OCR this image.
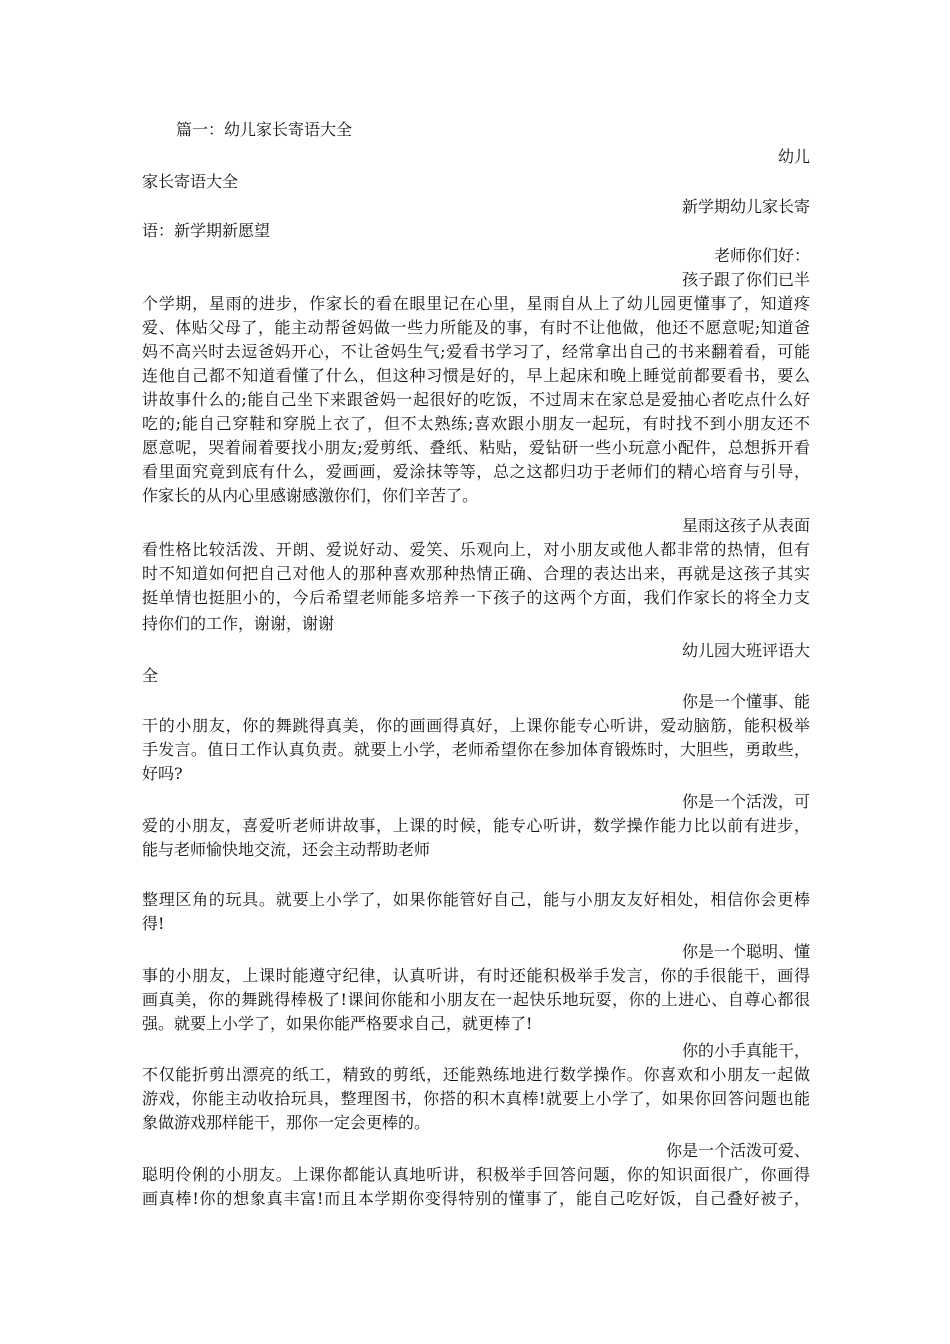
篇一：幼儿家长寄语大全
幼儿
家长寄语大全
新学期幼儿家长寄
语：新学期新愿望
老师你们好：
孩子跟了你们已半
个学期，星雨的进步，作家长的看在眼里记在心里，星雨自从上了幼儿园更懂事了，知道疼
爱、体贴父母了，能主动帮爸妈做一些力所能及的事，有时不让他做，他还不愿意呢;知道爸
妈不高兴时去逗爸妈开心，不让爸妈生气;爱看书学习了，经常拿出自己的书来翻着看，可能
连他自己都不知道看懂了什么，但这种习惯是好的，早上起床和晚上睡觉前都要看书，要么
讲故事什么的;能自己坐下来跟爸妈一起很好的吃饭，不过周末在家总是爱抽心者吃点什么好
吃的;能自己穿鞋和穿脱上衣了，但不太熟练;喜欢跟小朋友一起玩，有时找不到小朋友还不
愿意呢，哭着闹着要找小朋友;爱剪纸、叠纸、粘贴，爱钻研一些小玩意小配件，总想拆开看
看里面究竟到底有什么，爱画画，爱涂抹等等，总之这都归功于老师们的精心培育与引导，
作家长的从内心里感谢感激你们，你们辛苦了。
星雨这孩子从表面
看性格比较活泼、开朗、爱说好动、爱笑、乐观向上，对小朋友或他人都非常的热情，但有
时不知道如何把自己对他人的那种喜欢那种热情正确、合理的表达出来，再就是这孩子其实
挺单情也挺胆小的，今后希望老师能多培养一下孩子的这两个方面，我们作家长的将全力支
持你们的工作，谢谢，谢谢
幼儿园大班评语大
全
你是一个懂事、能
干的小朋友，你的舞跳得真美，你的画画得真好，上课你能专心听讲，爱动脑筋，能积极举
手发言。值日工作认真负责。就要上小学，老师希望你在参加体育锻炼时，大胆些，勇敢些，
好吗?
你是一个活泼，可
爱的小朋友，喜爱听老师讲故事，上课的时候，能专心听讲，数学操作能力比以前有进步，
能与老师愉快地交流，还会主动帮助老师
整理区角的玩具。就要上小学了，如果你能管好自己，能与小朋友友好相处，相信你会更棒
得!
你是一个聪明、懂
事的小朋友，上课时能遵守纪律，认真听讲，有时还能积极举手发言，你的手很能干，画得
画真美，你的舞跳得棒极了!课间你能和小朋友在一起快乐地玩耍，你的上进心、自尊心都很
强。就要上小学了，如果你能严格要求自己，就更棒了!
你的小手真能干，
不仅能折剪出漂亮的纸工，精致的剪纸，还能熟练地进行数学操作。你喜欢和小朋友一起做
游戏，你能主动收拾玩具，整理图书，你搭的积木真棒!就要上小学了，如果你回答问题也能
象做游戏那样能干，那你一定会更棒的。
你是一个活泼可爱、
聪明伶俐的小朋友。上课你都能认真地听讲，积极举手回答问题，你的知识面很广，你画得
画真棒!你的想象真丰富!而且本学期你变得特别的懂事了，能自己吃好饭，自己叠好被子，
